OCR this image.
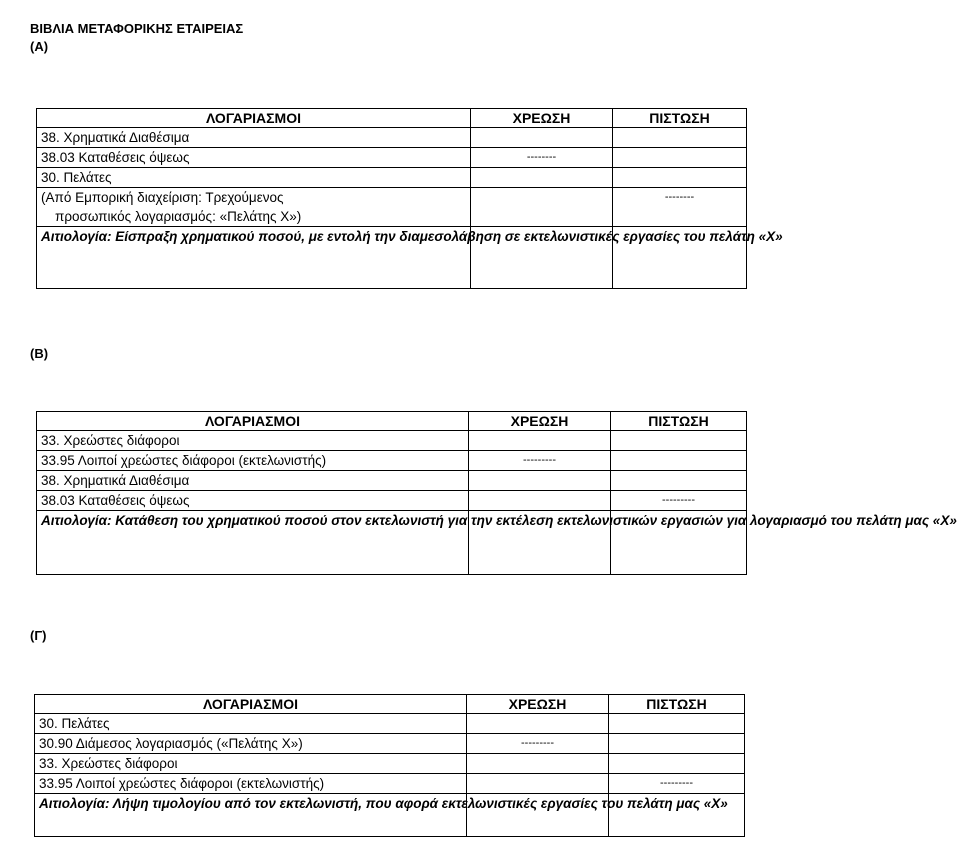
ΒΙΒΛΙΑ ΜΕΤΑΦΟΡΙΚΗΣ ΕΤΑΙΡΕΙΑΣ
(Α)
ΛΟΓΑΡΙΑΣΜΟΙ	ΧΡΕΩΣΗ	ΠΙΣΤΩΣΗ
38. Χρηματικά Διαθέσιμα		
38.03 Καταθέσεις όψεως	--------	
30. Πελάτες		

(Από Εμπορική διαχείριση: Τρεχούμενος
προσωπικός λογαριασμός: «Πελάτης Χ»)		--------
Αιτιολογία: Είσπραξη χρηματικού ποσού, με εντολή την διαμεσολάβηση σε εκτελωνιστικές εργασίες του πελάτη «Χ»		
(Β)
ΛΟΓΑΡΙΑΣΜΟΙ	ΧΡΕΩΣΗ	ΠΙΣΤΩΣΗ
33. Χρεώστες διάφοροι		
33.95 Λοιποί χρεώστες διάφοροι (εκτελωνιστής)	---------	
38. Χρηματικά Διαθέσιμα		
38.03 Καταθέσεις όψεως		---------
Αιτιολογία: Κατάθεση του χρηματικού ποσού στον εκτελωνιστή για την εκτέλεση εκτελωνιστικών εργασιών για λογαριασμό του πελάτη μας «Χ»		
(Γ)
ΛΟΓΑΡΙΑΣΜΟΙ	ΧΡΕΩΣΗ	ΠΙΣΤΩΣΗ
30. Πελάτες		
30.90 Διάμεσος λογαριασμός («Πελάτης Χ»)	---------	
33. Χρεώστες διάφοροι		
33.95 Λοιποί χρεώστες διάφοροι (εκτελωνιστής)		---------
Αιτιολογία: Λήψη τιμολογίου από τον εκτελωνιστή, που αφορά εκτελωνιστικές εργασίες του πελάτη μας «Χ»		
